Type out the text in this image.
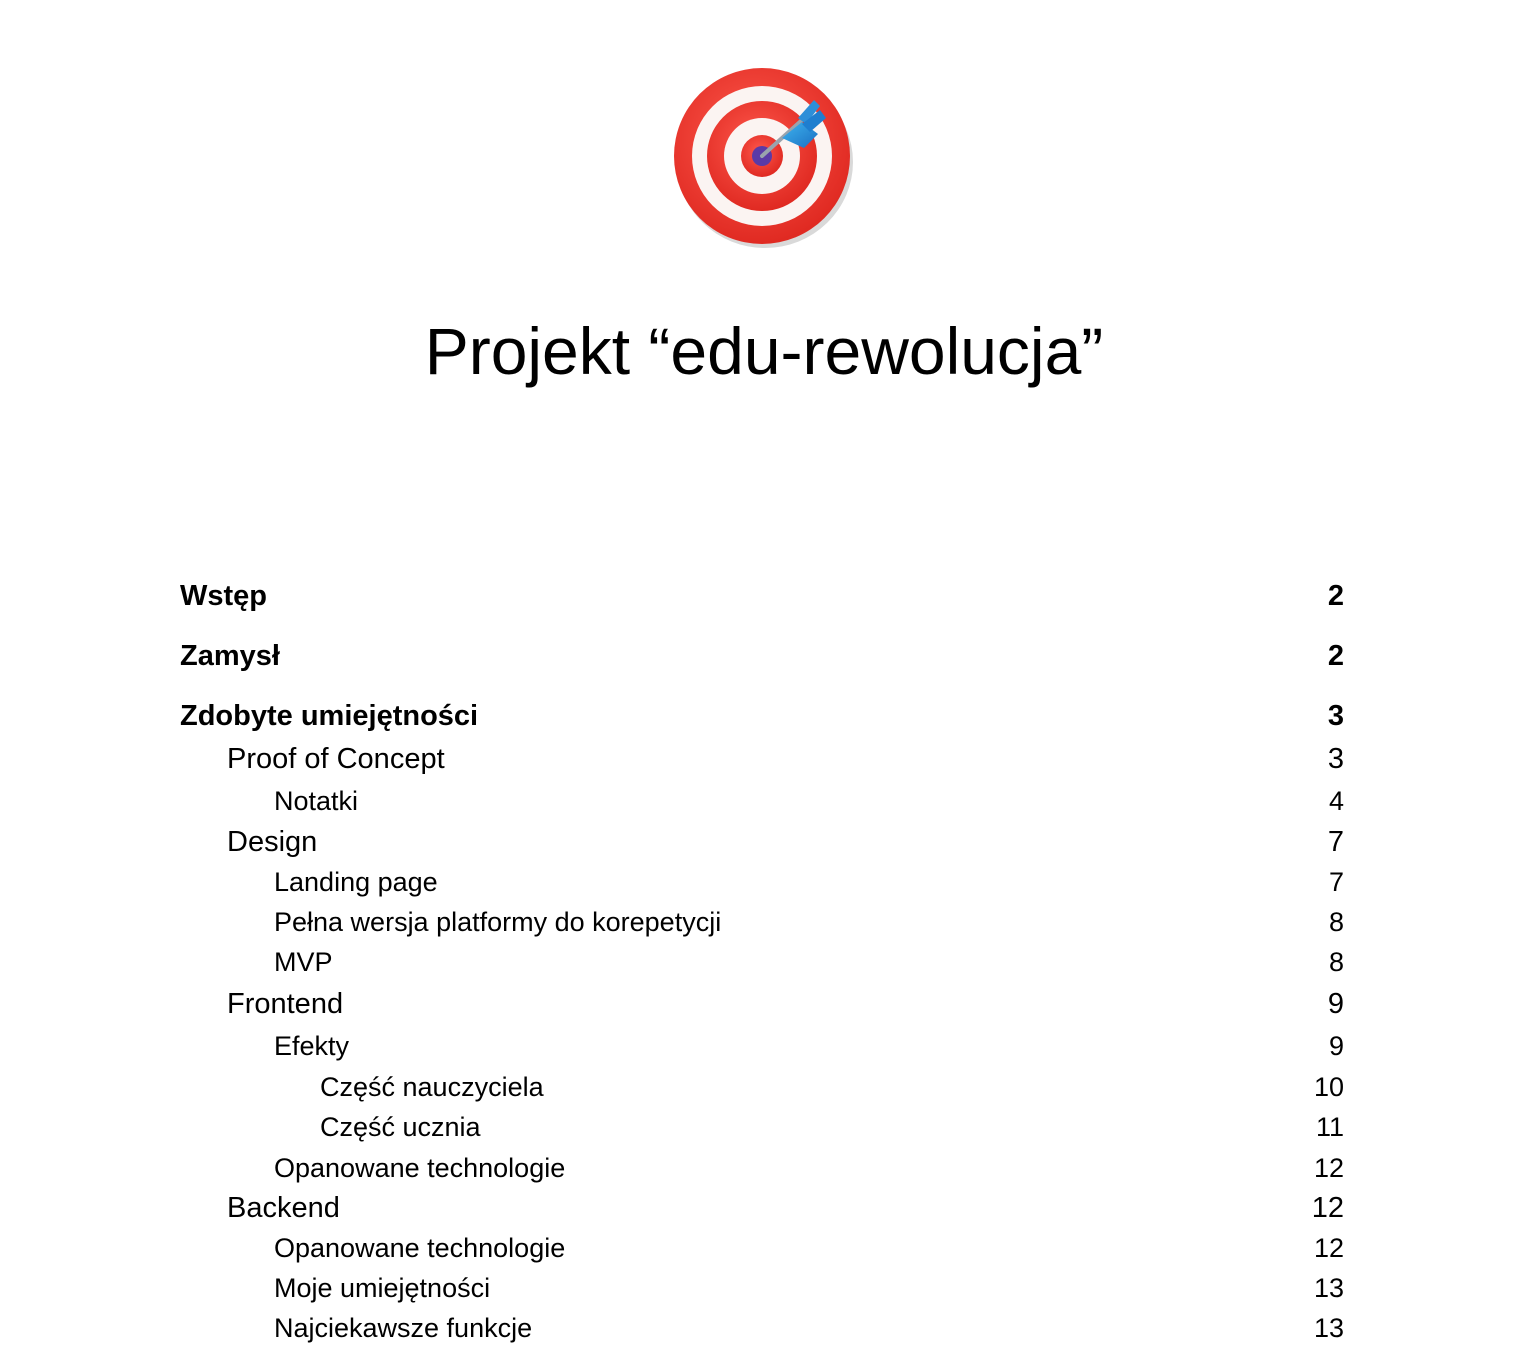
Projekt “edu-rewolucja”
Wstęp	2
Zamysł	2
Zdobyte umiejętności	3
Proof of Concept	3
Notatki	4
Design	7
Landing page	7
Pełna wersja platformy do korepetycji	8
MVP	8
Frontend	9
Efekty	9
Część nauczyciela	10
Część ucznia	11
Opanowane technologie	12
Backend	12
Opanowane technologie	12
Moje umiejętności	13
Najciekawsze funkcje	13
